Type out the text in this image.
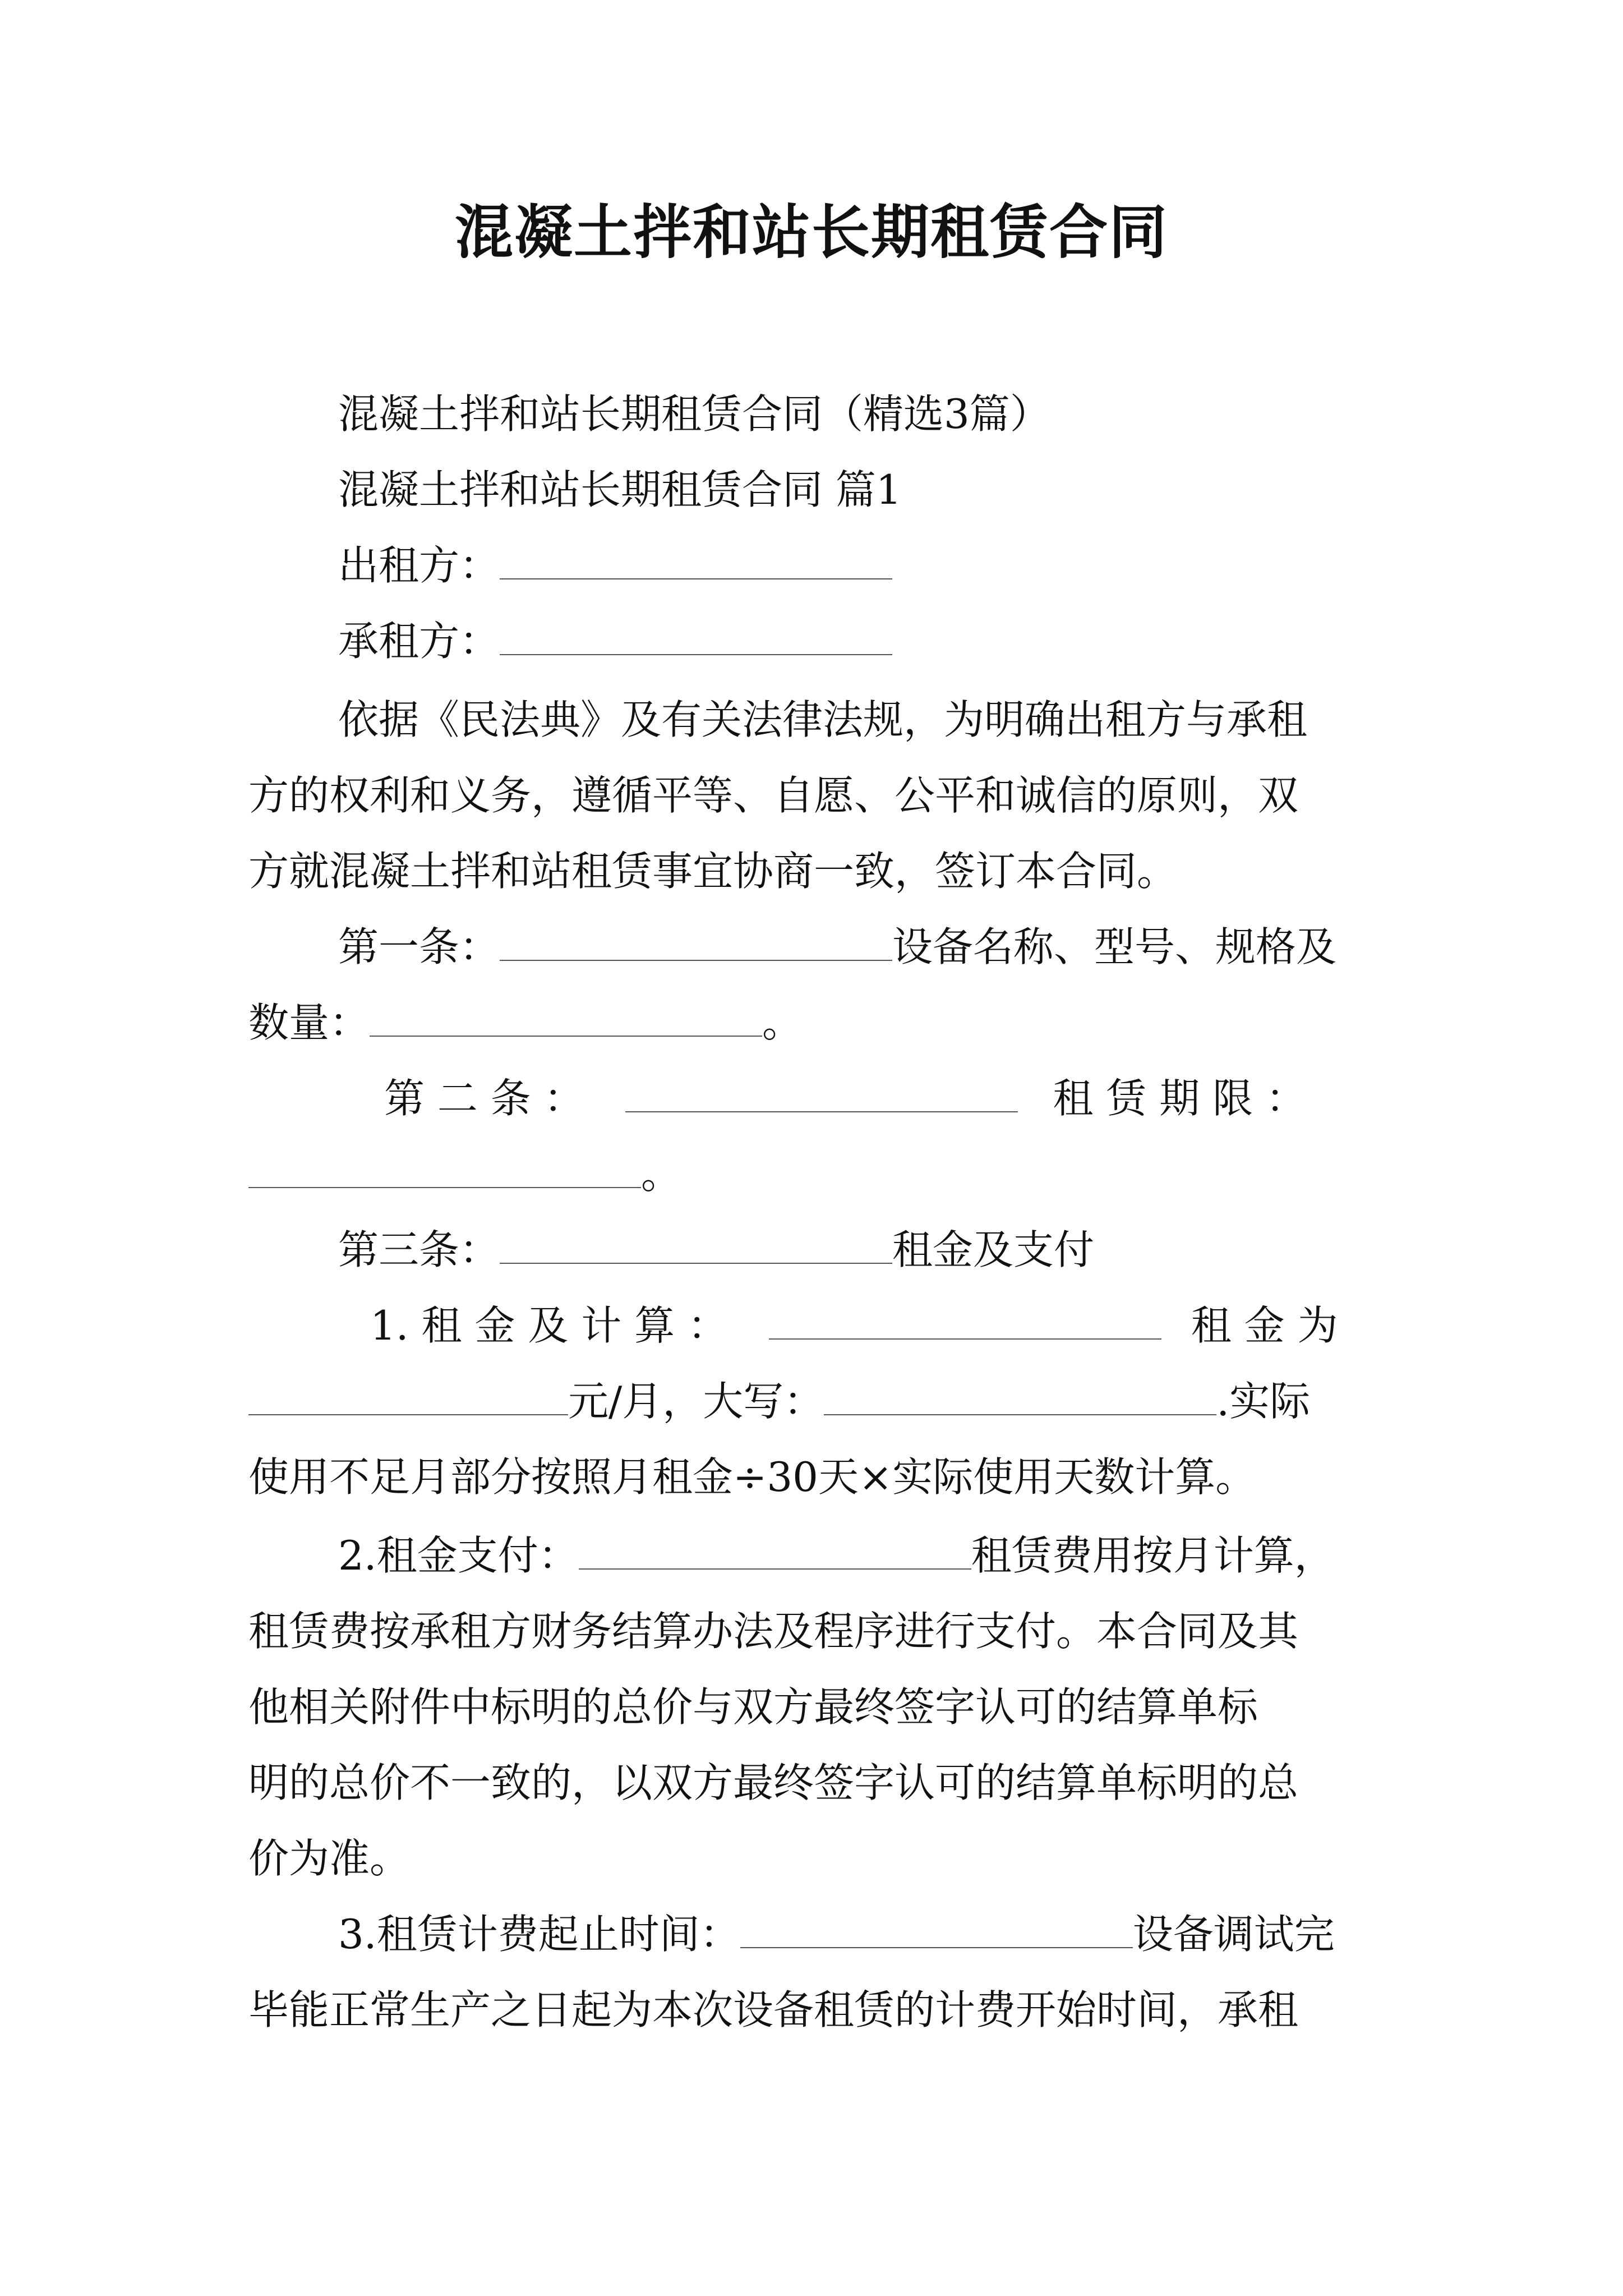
混凝土拌和站长期租赁合同
混凝土拌和站长期租赁合同（精选3篇）
混凝土拌和站长期租赁合同 篇1
出租方：
承租方：
依据《民法典》及有关法律法规，为明确出租方与承租
方的权利和义务，遵循平等、自愿、公平和诚信的原则，双
方就混凝土拌和站租赁事宜协商一致，签订本合同。
第一条：	设备名称、型号、规格及
数量：	。
第 二 条 ：	租 赁 期 限 ：
。
第三条：	租金及支付
1. 租 金 及 计 算 ：	租 金 为
元/月，大写：	.实际
使用不足月部分按照月租金÷30天×实际使用天数计算。
2.租金支付：	租赁费用按月计算，
租赁费按承租方财务结算办法及程序进行支付。本合同及其
他相关附件中标明的总价与双方最终签字认可的结算单标
明的总价不一致的，以双方最终签字认可的结算单标明的总
价为准。
3.租赁计费起止时间：	设备调试完
毕能正常生产之日起为本次设备租赁的计费开始时间，承租
